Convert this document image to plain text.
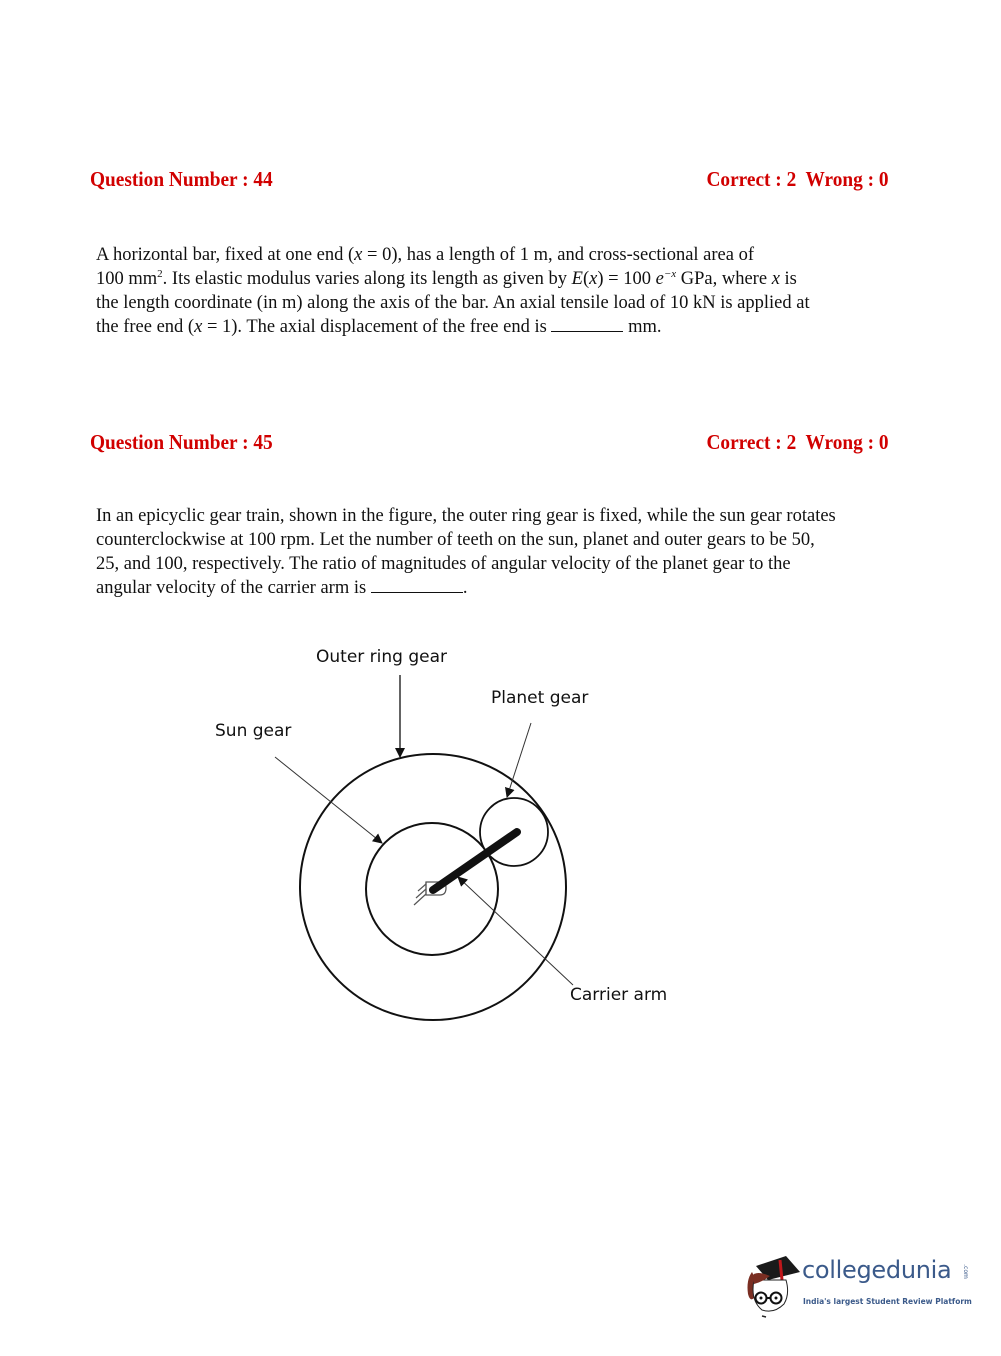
Question Number : 44	Correct : 2  Wrong : 0

A horizontal bar, fixed at one end (x = 0), has a length of 1 m, and cross-sectional area of

100 $mm^2$. Its elastic modulus varies along its length as given by E(x) = 100 $e^{-x}$ GPa, where x is

the length coordinate (in m) along the axis of the bar. An axial tensile load of 10 kN is applied at

the free end (x = 1). The axial displacement of the free end is	mm.

Question Number : 45	Correct : 2  Wrong : 0

In an epicyclic gear train, shown in the figure, the outer ring gear is fixed, while the sun gear rotates

counterclockwise at 100 rpm. Let the number of teeth on the sun, planet and outer gears to be 50,

25, and 100, respectively. The ratio of magnitudes of angular velocity of the planet gear to the

angular velocity of the carrier arm is	.

Outer ring gear
Planet gear
Sun gear
Carrier arm
collegedunia .com
India's largest Student Review Platform
